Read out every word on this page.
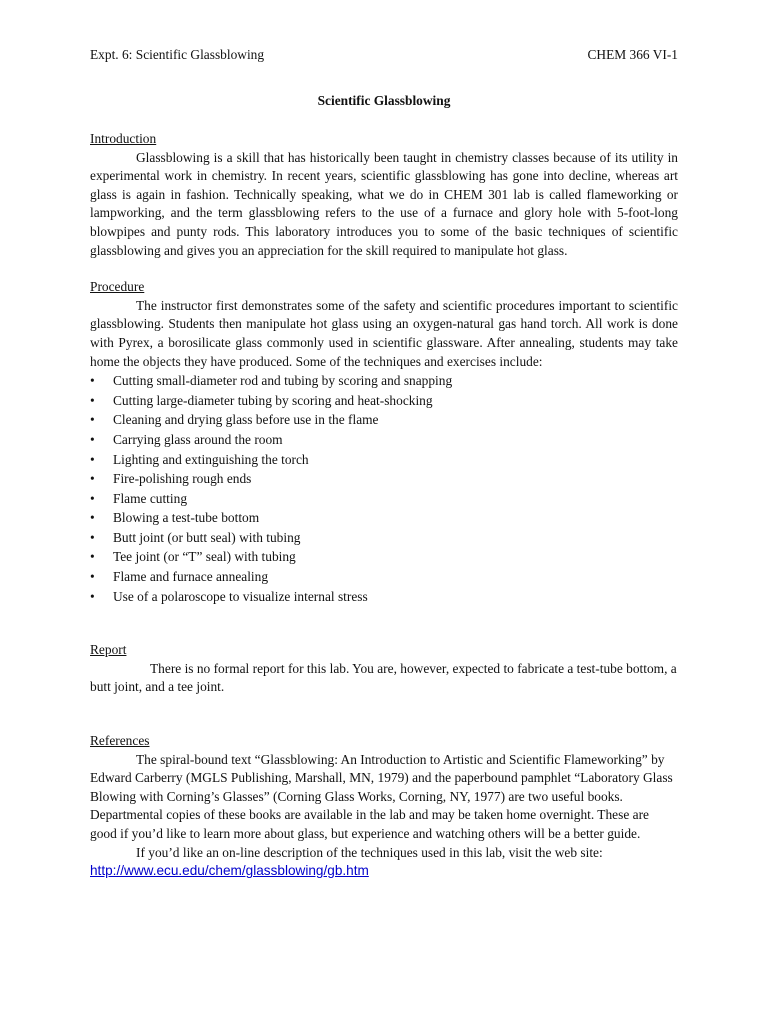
Expt. 6: Scientific Glassblowing	CHEM 366 VI-1
Scientific Glassblowing
Introduction

Glassblowing is a skill that has historically been taught in chemistry classes because of its utility in experimental work in chemistry. In recent years, scientific glassblowing has gone into decline, whereas art glass is again in fashion. Technically speaking, what we do in CHEM 301 lab is called flameworking or lampworking, and the term glassblowing refers to the use of a furnace and glory hole with 5-foot-long blowpipes and punty rods. This laboratory introduces you to some of the basic techniques of scientific glassblowing and gives you an appreciation for the skill required to manipulate hot glass.

Procedure

The instructor first demonstrates some of the safety and scientific procedures important to scientific glassblowing. Students then manipulate hot glass using an oxygen-natural gas hand torch. All work is done with Pyrex, a borosilicate glass commonly used in scientific glassware. After annealing, students may take home the objects they have produced. Some of the techniques and exercises include:

• Cutting small-diameter rod and tubing by scoring and snapping
• Cutting large-diameter tubing by scoring and heat-shocking
• Cleaning and drying glass before use in the flame
• Carrying glass around the room
• Lighting and extinguishing the torch
• Fire-polishing rough ends
• Flame cutting
• Blowing a test-tube bottom
• Butt joint (or butt seal) with tubing
• Tee joint (or “T” seal) with tubing
• Flame and furnace annealing
• Use of a polaroscope to visualize internal stress
Report

There is no formal report for this lab. You are, however, expected to fabricate a test-tube bottom, a butt joint, and a tee joint.

References

The spiral-bound text “Glassblowing: An Introduction to Artistic and Scientific Flameworking” by Edward Carberry (MGLS Publishing, Marshall, MN, 1979) and the paperbound pamphlet “Laboratory Glass Blowing with Corning’s Glasses” (Corning Glass Works, Corning, NY, 1977) are two useful books. Departmental copies of these books are available in the lab and may be taken home overnight. These are good if you’d like to learn more about glass, but experience and watching others will be a better guide.

If you’d like an on-line description of the techniques used in this lab, visit the web site:

http://www.ecu.edu/chem/glassblowing/gb.htm
